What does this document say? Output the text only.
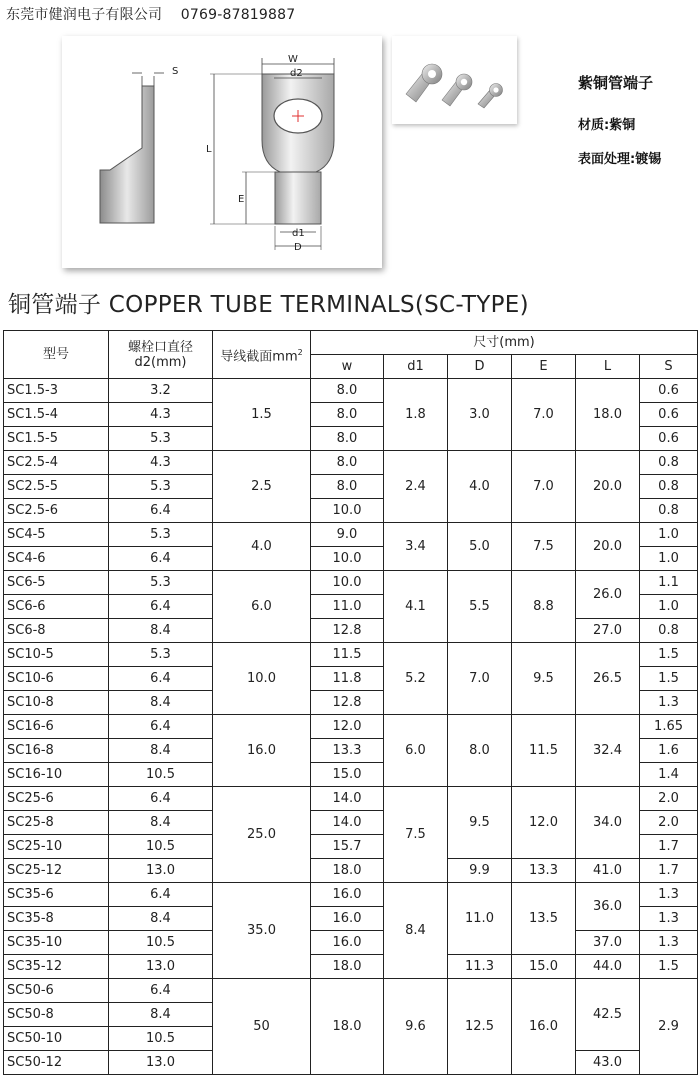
东莞市健润电子有限公司    0769-87819887
S
W
d2
L
E
d1
D
紫铜管端子
材质:紫铜
表面处理:镀锡
铜管端子 COPPER TUBE TERMINALS(SC-TYPE)
型号	螺栓口直径
d2(mm)	导线截面$mm^2$	尺寸(mm)					
			w	d1	D	E	L	S
SC1.5-3	3.2	1.5	8.0	1.8	3.0	7.0	18.0	0.6
SC1.5-4	4.3		8.0					0.6
SC1.5-5	5.3		8.0					0.6
SC2.5-4	4.3	2.5	8.0	2.4	4.0	7.0	20.0	0.8
SC2.5-5	5.3		8.0					0.8
SC2.5-6	6.4		10.0					0.8
SC4-5	5.3	4.0	9.0	3.4	5.0	7.5	20.0	1.0
SC4-6	6.4		10.0					1.0
SC6-5	5.3	6.0	10.0	4.1	5.5	8.8	26.0	1.1
SC6-6	6.4		11.0					1.0
SC6-8	8.4		12.8				27.0	0.8
SC10-5	5.3	10.0	11.5	5.2	7.0	9.5	26.5	1.5
SC10-6	6.4		11.8					1.5
SC10-8	8.4		12.8					1.3
SC16-6	6.4	16.0	12.0	6.0	8.0	11.5	32.4	1.65
SC16-8	8.4		13.3					1.6
SC16-10	10.5		15.0					1.4
SC25-6	6.4	25.0	14.0	7.5	9.5	12.0	34.0	2.0
SC25-8	8.4		14.0					2.0
SC25-10	10.5		15.7					1.7
SC25-12	13.0		18.0		9.9	13.3	41.0	1.7
SC35-6	6.4	35.0	16.0	8.4	11.0	13.5	36.0	1.3
SC35-8	8.4		16.0					1.3
SC35-10	10.5		16.0				37.0	1.3
SC35-12	13.0		18.0		11.3	15.0	44.0	1.5
SC50-6	6.4	50	18.0	9.6	12.5	16.0	42.5	2.9
SC50-8	8.4							
SC50-10	10.5							
SC50-12	13.0						43.0	
